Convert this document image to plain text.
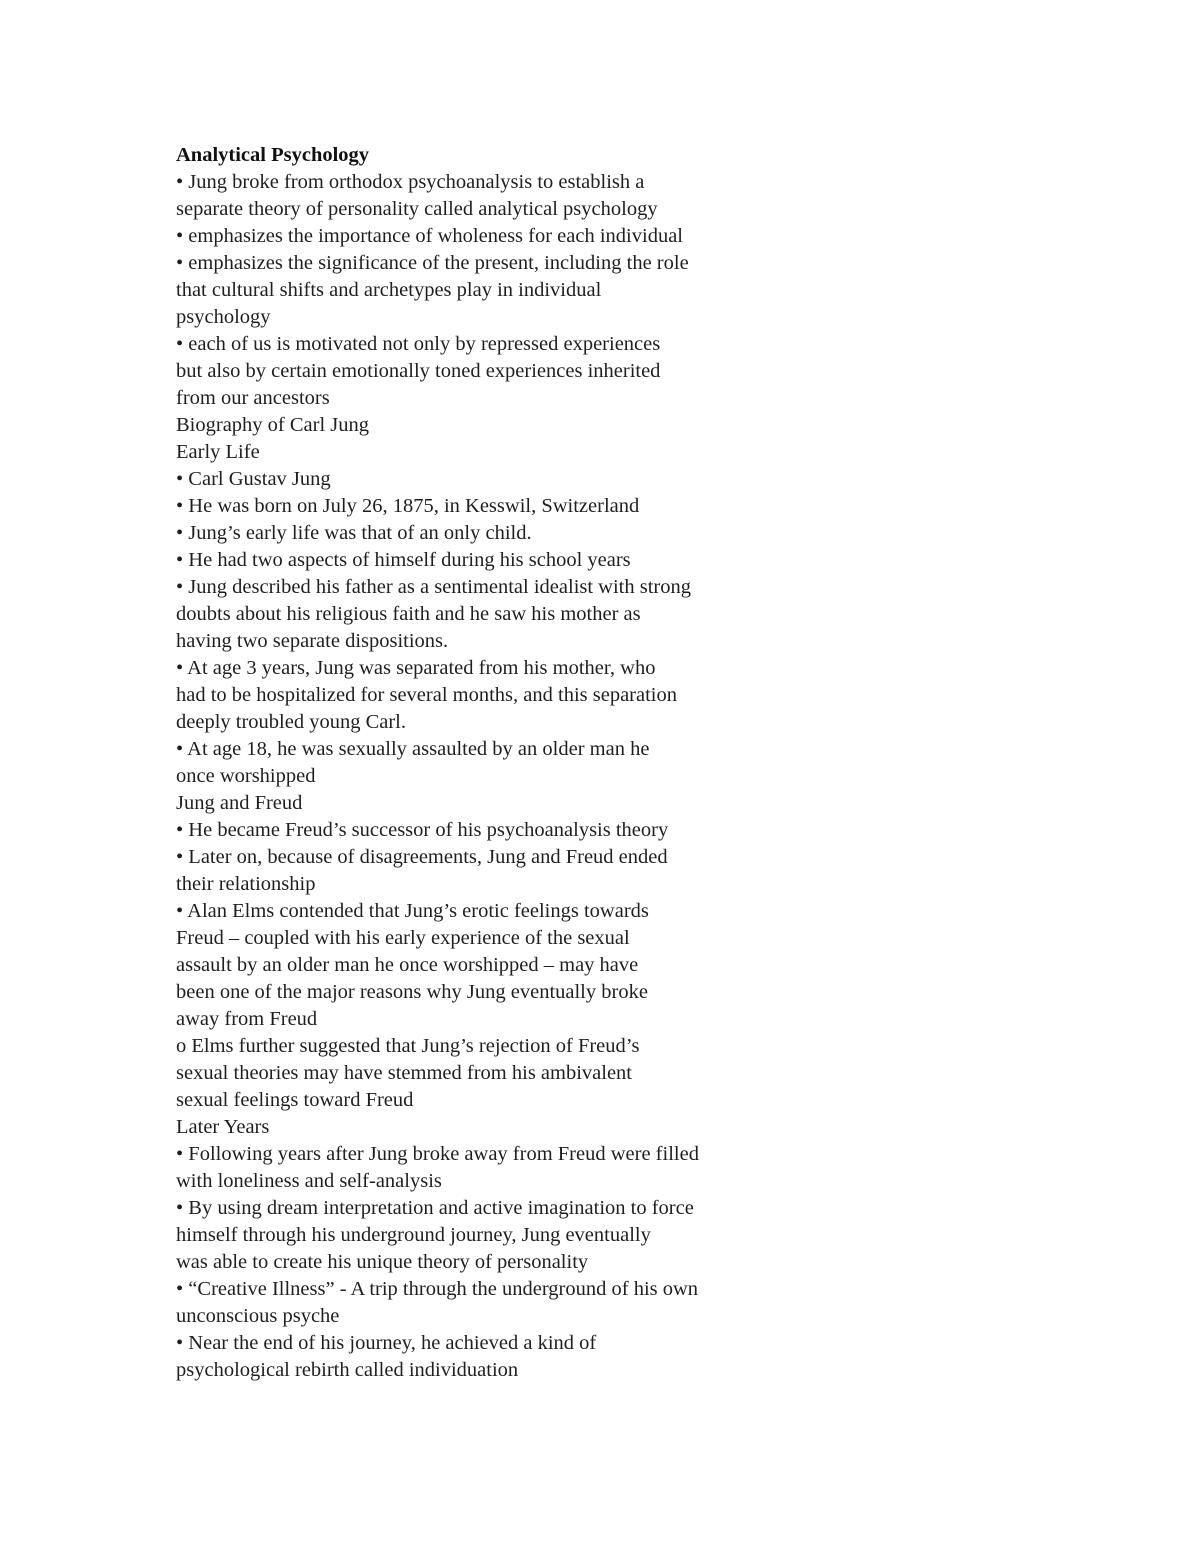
Analytical Psychology
• Jung broke from orthodox psychoanalysis to establish a
separate theory of personality called analytical psychology
• emphasizes the importance of wholeness for each individual
• emphasizes the significance of the present, including the role
that cultural shifts and archetypes play in individual
psychology
• each of us is motivated not only by repressed experiences
but also by certain emotionally toned experiences inherited
from our ancestors
Biography of Carl Jung
Early Life
• Carl Gustav Jung
• He was born on July 26, 1875, in Kesswil, Switzerland
• Jung’s early life was that of an only child.
• He had two aspects of himself during his school years
• Jung described his father as a sentimental idealist with strong
doubts about his religious faith and he saw his mother as
having two separate dispositions.
• At age 3 years, Jung was separated from his mother, who
had to be hospitalized for several months, and this separation
deeply troubled young Carl.
• At age 18, he was sexually assaulted by an older man he
once worshipped
Jung and Freud
• He became Freud’s successor of his psychoanalysis theory
• Later on, because of disagreements, Jung and Freud ended
their relationship
• Alan Elms contended that Jung’s erotic feelings towards
Freud – coupled with his early experience of the sexual
assault by an older man he once worshipped – may have
been one of the major reasons why Jung eventually broke
away from Freud
o Elms further suggested that Jung’s rejection of Freud’s
sexual theories may have stemmed from his ambivalent
sexual feelings toward Freud
Later Years
• Following years after Jung broke away from Freud were filled
with loneliness and self-analysis
• By using dream interpretation and active imagination to force
himself through his underground journey, Jung eventually
was able to create his unique theory of personality
• “Creative Illness” - A trip through the underground of his own
unconscious psyche
• Near the end of his journey, he achieved a kind of
psychological rebirth called individuation
